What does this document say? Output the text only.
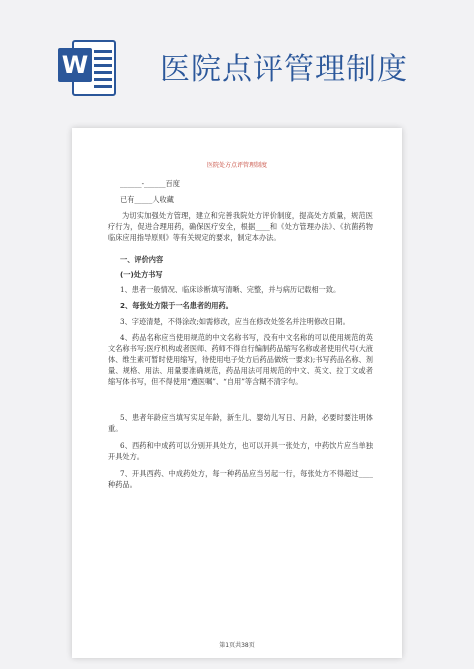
W 医院点评管理制度
医院处方点评管理制度
______-______百度
已有_____人收藏
为切实加强处方管理，建立和完善我院处方评价制度，提高处方质量，规范医疗行为，促进合理用药，确保医疗安全，根据____和《处方管理办法》、《抗菌药物临床应用指导原则》等有关规定的要求，制定本办法。
一、评价内容
(一)处方书写
1、患者一般情况、临床诊断填写清晰、完整，并与病历记载相一致。
2、每张处方限于一名患者的用药。
3、字迹清楚，不得涂改;如需修改，应当在修改处签名并注明修改日期。
4、药品名称应当使用规范的中文名称书写，没有中文名称的可以使用规范的英文名称书写;医疗机构或者医师、药师不得自行编制药品缩写名称或者使用代号(大液体、维生素可暂时使用缩写，待使用电子处方后药品做统一要求);书写药品名称、剂量、规格、用法、用量要准确规范，药品用法可用规范的中文、英文、拉丁文或者缩写体书写，但不得使用“遵医嘱”、“自用”等含糊不清字句。
5、患者年龄应当填写实足年龄，新生儿、婴幼儿写日、月龄，必要时要注明体重。
6、西药和中成药可以分别开具处方，也可以开具一张处方，中药饮片应当单独开具处方。
7、开具西药、中成药处方，每一种药品应当另起一行，每张处方不得超过____种药品。
第1页共38页
